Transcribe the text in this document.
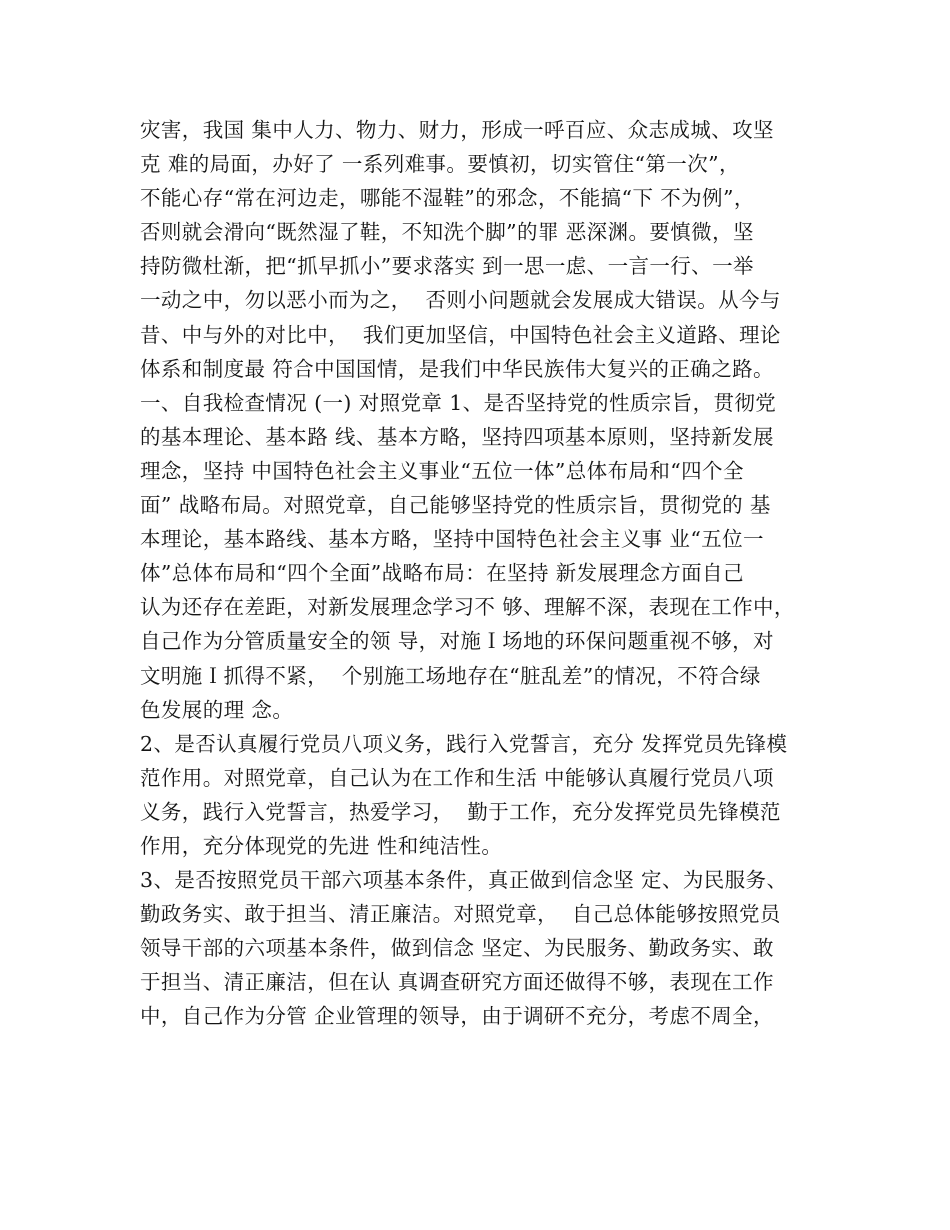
灾害，我国 集中人力、物力、财力，形成一呼百应、众志成城、攻坚
克 难的局面，办好了 一系列难事。要慎初，切实管住“第一次”，
不能心存“常在河边走，哪能不湿鞋”的邪念，不能搞“下 不为例”，
否则就会滑向“既然湿了鞋，不知洗个脚”的罪 恶深渊。要慎微，坚
持防微杜渐，把“抓早抓小”要求落实 到一思一虑、一言一行、一举
一动之中，勿以恶小而为之，  否则小问题就会发展成大错误。从今与
昔、中与外的对比中，  我们更加坚信，中国特色社会主义道路、理论
体系和制度最 符合中国国情，是我们中华民族伟大复兴的正确之路。
一、自我检查情况 (一) 对照党章 1、是否坚持党的性质宗旨，贯彻党
的基本理论、基本路 线、基本方略，坚持四项基本原则，坚持新发展
理念，坚持 中国特色社会主义事业“五位一体”总体布局和“四个全
面” 战略布局。对照党章，自己能够坚持党的性质宗旨，贯彻党的 基
本理论，基本路线、基本方略，坚持中国特色社会主义事 业“五位一
体”总体布局和“四个全面”战略布局：在坚持 新发展理念方面自己
认为还存在差距，对新发展理念学习不 够、理解不深，表现在工作中，
自己作为分管质量安全的领 导，对施Ｉ场地的环保问题重视不够，对
文明施Ｉ抓得不紧，  个别施工场地存在“脏乱差”的情况，不符合绿
色发展的理 念。
2、是否认真履行党员八项义务，践行入党誓言，充分 发挥党员先锋模
范作用。对照党章，自己认为在工作和生活 中能够认真履行党员八项
义务，践行入党誓言，热爱学习，  勤于工作，充分发挥党员先锋模范
作用，充分体现党的先进 性和纯洁性。
3、是否按照党员干部六项基本条件，真正做到信念坚 定、为民服务、
勤政务实、敢于担当、清正廉洁。对照党章，  自己总体能够按照党员
领导干部的六项基本条件，做到信念 坚定、为民服务、勤政务实、敢
于担当、清正廉洁，但在认 真调查研究方面还做得不够，表现在工作
中，自己作为分管 企业管理的领导，由于调研不充分，考虑不周全，
